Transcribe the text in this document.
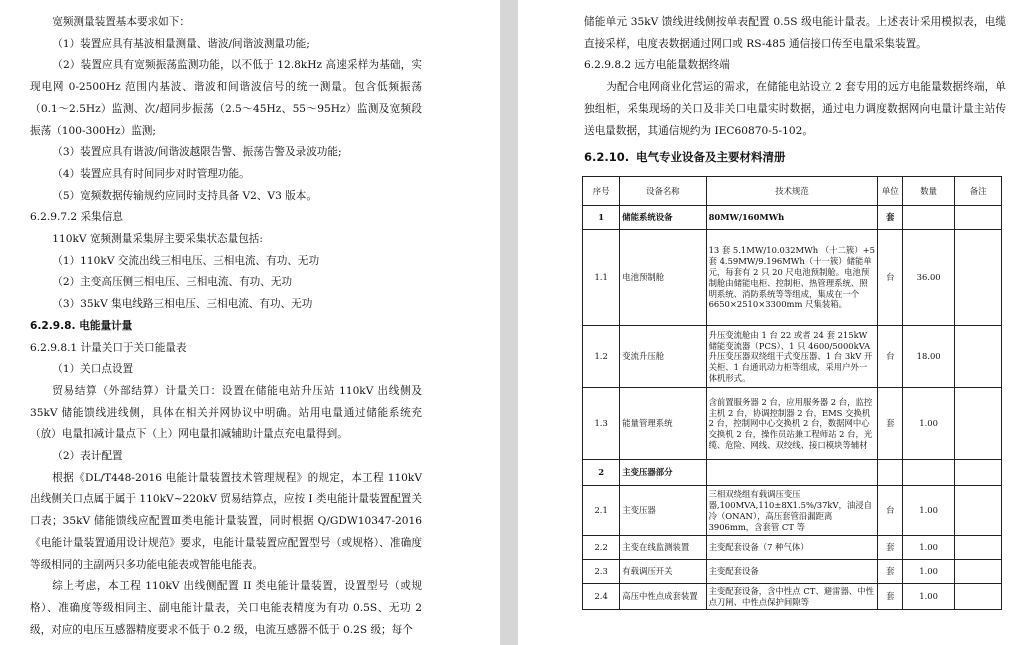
宽频测量装置基本要求如下：

（1）装置应具有基波相量测量、谐波/间谐波测量功能;

（2）装置应具有宽频振荡监测功能，以不低于 12.8kHz 高速采样为基础，实现电网 0-2500Hz 范围内基波、谐波和间谐波信号的统一测量。包含低频振荡（0.1～2.5Hz）监测、次/超同步振荡（2.5～45Hz、55～95Hz）监测及宽频段振荡（100-300Hz）监测;

（3）装置应具有谐波/间谐波越限告警、振荡告警及录波功能;

（4）装置应具有时间同步对时管理功能。

（5）宽频数据传输规约应同时支持具备 V2、V3 版本。

6.2.9.7.2 采集信息

110kV 宽频测量采集屏主要采集状态量包括:

（1）110kV 交流出线三相电压、三相电流、有功、无功

（2）主变高压侧三相电压、三相电流、有功、无功

（3）35kV 集电线路三相电压、三相电流、有功、无功

6.2.9.8. 电能量计量

6.2.9.8.1 计量关口于关口能量表

（1）关口点设置

贸易结算（外部结算）计量关口：设置在储能电站升压站 110kV 出线侧及 35kV 储能馈线进线侧，具体在相关并网协议中明确。站用电量通过储能系统充（放）电量扣减计量点下（上）网电量扣减辅助计量点充电量得到。

（2）表计配置

根据《DL/T448-2016 电能计量装置技术管理规程》的规定，本工程 110kV 出线侧关口点属于属于 110kV~220kV 贸易结算点，应按 I 类电能计量装置配置关口表；35kV 储能馈线应配置Ⅲ类电能计量装置，同时根据 Q/GDW10347-2016《电能计量装置通用设计规范》要求，电能计量装置应配置型号（或规格）、准确度等级相同的主副两只多功能电能表或智能电能表。

综上考虑，本工程 110kV 出线侧配置 II 类电能计量装置，设置型号（或规格）、准确度等级相同主、副电能计量表，关口电能表精度为有功 0.5S、无功 2 级，对应的电压互感器精度要求不低于 0.2 级，电流互感器不低于 0.2S 级；每个

储能单元 35kV 馈线进线侧按单表配置 0.5S 级电能计量表。上述表计采用模拟表，电缆直接采样，电度表数据通过网口或 RS-485 通信接口传至电量采集装置。

6.2.9.8.2 远方电能量数据终端

为配合电网商业化营运的需求，在储能电站设立 2 套专用的远方电能量数据终端，单独组柜，采集现场的关口及非关口电量实时数据，通过电力调度数据网向电量计量主站传送电量数据，其通信规约为 IEC60870-5-102。

6.2.10. 电气专业设备及主要材料清册
序号	设备名称	技术规范	单位	数量	备注
1	储能系统设备	80MW/160MWh	套		
1.1	电池预制舱	13 套 5.1MW/10.032MWh （十二簇）+5 套 4.59MW/9.196MWh（十一簇）储能单元，每套有 2 只 20 尺电池预制舱。电池预制舱由储能电柜、控制柜、热管理系统、照明系统、消防系统等等组成，集成在一个 6650×2510×3300mm 尺集装箱。	台	36.00	
1.2	变流升压舱	升压变流舱由 1 台 22 或者 24 套 215kW 储能变流器（PCS）、1 只 4600/5000kVA 升压变压器双绕组干式变压器、1 台 3kV 开关柜、1 台通讯动力柜等组成，采用户外一体机形式。	台	18.00	
1.3	能量管理系统	含前置服务器 2 台，应用服务器 2 台，监控主机 2 台，协调控制器 2 台，EMS 交换机 2 台，控制网中心交换机 2 台，数据网中心交换机 2 台，操作员站兼工程师站 2 台，光缆、危险、网线、双绞线、接口模块等辅材	套	1.00	
2	主变压器部分				
2.1	主变压器	三相双绕组有载调压变压器,100MVA,110±8X1.5%/37kV，油浸自冷（ONAN），高压套管沿漏距离 3906mm，含套管 CT 等	台	1.00	
2.2	主变在线监测装置	主变配套设备（7 种气体）	套	1.00	
2.3	有载调压开关	主变配套设备	套	1.00	
2.4	高压中性点成套装置	主变配套设备，含中性点 CT、避雷器、中性点刀闸、中性点保护间隙等	套	1.00	
